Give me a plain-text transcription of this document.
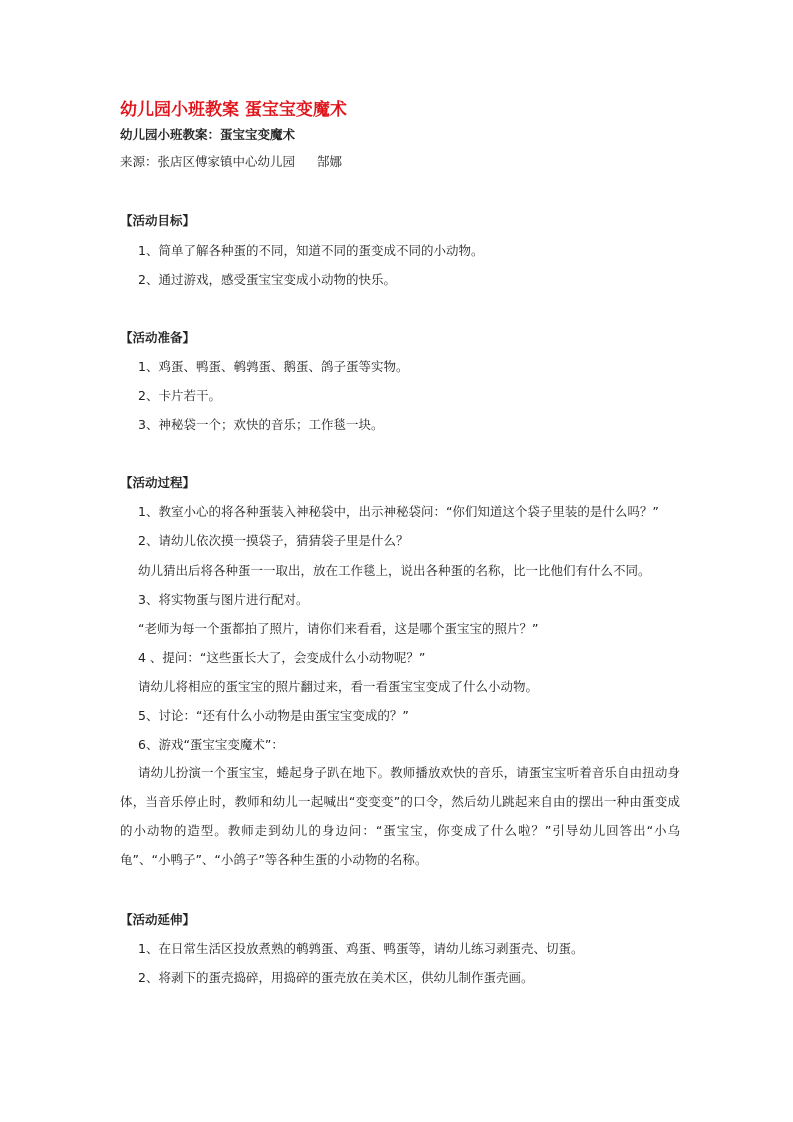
幼儿园小班教案 蛋宝宝变魔术
幼儿园小班教案：蛋宝宝变魔术
来源：张店区傅家镇中心幼儿园 郜娜
【活动目标】
1、简单了解各种蛋的不同，知道不同的蛋变成不同的小动物。
2、通过游戏，感受蛋宝宝变成小动物的快乐。
【活动准备】
1、鸡蛋、鸭蛋、鹌鹑蛋、鹅蛋、鸽子蛋等实物。
2、卡片若干。
3、神秘袋一个；欢快的音乐；工作毯一块。
【活动过程】
1、教室小心的将各种蛋装入神秘袋中，出示神秘袋问：“你们知道这个袋子里装的是什么吗？”
2、请幼儿依次摸一摸袋子，猜猜袋子里是什么？
幼儿猜出后将各种蛋一一取出，放在工作毯上，说出各种蛋的名称，比一比他们有什么不同。
3、将实物蛋与图片进行配对。
“老师为每一个蛋都拍了照片，请你们来看看，这是哪个蛋宝宝的照片？”
4 、提问：“这些蛋长大了，会变成什么小动物呢？”
请幼儿将相应的蛋宝宝的照片翻过来，看一看蛋宝宝变成了什么小动物。
5、讨论：“还有什么小动物是由蛋宝宝变成的？”
6、游戏“蛋宝宝变魔术”：
请幼儿扮演一个蛋宝宝，蜷起身子趴在地下。教师播放欢快的音乐，请蛋宝宝听着音乐自由扭动身体，当音乐停止时，教师和幼儿一起喊出“变变变”的口令，然后幼儿跳起来自由的摆出一种由蛋变成的小动物的造型。教师走到幼儿的身边问：“蛋宝宝，你变成了什么啦？”引导幼儿回答出“小乌龟”、“小鸭子”、“小鸽子”等各种生蛋的小动物的名称。
【活动延伸】
1、在日常生活区投放煮熟的鹌鹑蛋、鸡蛋、鸭蛋等，请幼儿练习剥蛋壳、切蛋。
2、将剥下的蛋壳捣碎，用捣碎的蛋壳放在美术区，供幼儿制作蛋壳画。
